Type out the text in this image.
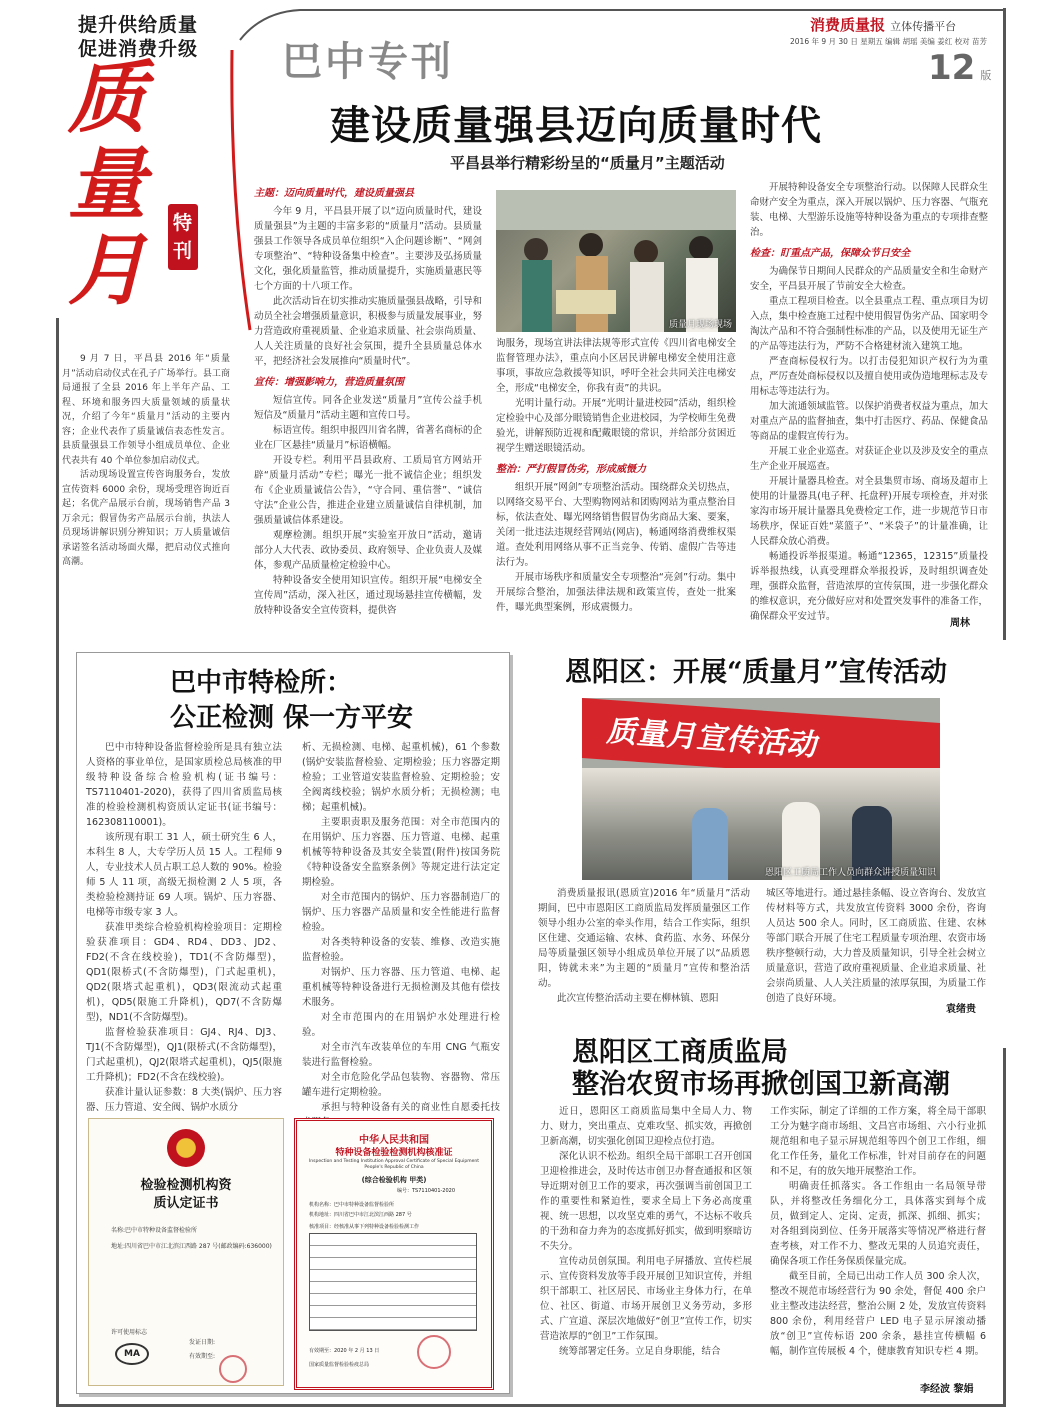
提升供给质量
促进消费升级
质量月
特刊
消费质量报 立体传播平台
2016 年 9 月 30 日 星期五 编辑 胡瑶 美编 姜红 校对 苗芳
12 版
巴中专刊
建设质量强县迈向质量时代
平昌县举行精彩纷呈的“质量月”主题活动

9 月 7 日，平昌县 2016 年“质量月”活动启动仪式在孔子广场举行。县工商局通报了全县 2016 年上半年产品、工程、环境和服务四大质量领域的质量状况，介绍了今年“质量月”活动的主要内容；企业代表作了质量诚信表态性发言。县质量强县工作领导小组成员单位、企业代表共有 40 个单位参加启动仪式。

活动现场设置宣传咨询服务台，发放宣传资料 6000 余份，现场受理咨询近百起；名优产品展示台前，现场销售产品 3 万余元；假冒伪劣产品展示台前，执法人员现场讲解识别分辨知识；万人质量诚信承诺签名活动场面火爆，把启动仪式推向高潮。

主题：迈向质量时代，建设质量强县

今年 9 月，平昌县开展了以“迈向质量时代，建设质量强县”为主题的丰富多彩的“质量月”活动。县质量强县工作领导各成员单位组织“入企问题诊断”、“网剑专项整治”、“特种设备集中检查”。主要涉及弘扬质量文化，强化质量监管，推动质量提升，实施质量惠民等七个方面的十八项工作。

此次活动旨在切实推动实施质量强县战略，引导和动员全社会增强质量意识，积极参与质量发展事业，努力营造政府重视质量、企业追求质量、社会崇尚质量、人人关注质量的良好社会氛围，提升全县质量总体水平，把经济社会发展推向“质量时代”。

宣传：增强影响力，营造质量氛围

短信宣传。同各企业发送“质量月”宣传公益手机短信及“质量月”活动主题和宣传口号。

标语宣传。组织申报四川省名牌，省著名商标的企业在厂区悬挂“质量月”标语横幅。

开设专栏。利用平昌县政府、工质局官方网站开辟“质量月活动”专栏；曝光一批不诚信企业；组织发布《企业质量诚信公告》，“守合同、重信誉”、“诚信守法”企业公告，推进企业建立质量诚信自律机制，加强质量诚信体系建设。

观摩检测。组织开展“实验室开放日”活动，邀请部分人大代表、政协委员、政府领导、企业负责人及媒体，参观产品质量检定检验中心。

特种设备安全使用知识宣传。组织开展“电梯安全宣传周”活动，深入社区，通过现场悬挂宣传横幅，发放特种设备安全宣传资料，提供咨

质量月现场现场

询服务，现场宣讲法律法规等形式宣传《四川省电梯安全监督管理办法》，重点向小区居民讲解电梯安全使用注意事项，事故应急救援等知识，呼吁全社会共同关注电梯安全，形成“电梯安全，你我有责”的共识。

光明计量行动。开展“光明计量进校园”活动，组织检定检验中心及部分眼镜销售企业进校园，为学校师生免费验光，讲解预防近视和配戴眼镜的常识，并给部分贫困近视学生赠送眼镜活动。

整治：严打假冒伪劣，形成威慑力

组织开展“网剑”专项整治活动。围绕群众关切热点，以网络交易平台、大型购物网站和团购网站为重点整治目标，依法查处、曝光网络销售假冒伪劣商品大案、要案，关闭一批违法违规经营网站(网店)，畅通网络消费维权渠道。查处利用网络从事不正当竞争、传销、虚假广告等违法行为。

开展市场秩序和质量安全专项整治“亮剑”行动。集中开展综合整治，加强法律法规和政策宣传，查处一批案件，曝光典型案例，形成震慑力。

开展特种设备安全专项整治行动。以保障人民群众生命财产安全为重点，深入开展以锅炉、压力容器、气瓶充装、电梯、大型游乐设施等特种设备为重点的专项排查整治。

检查：盯重点产品，保障众节日安全

为确保节日期间人民群众的产品质量安全和生命财产安全，平昌县开展了节前安全大检查。

重点工程项目检查。以全县重点工程、重点项目为切入点，集中检查施工过程中使用假冒伪劣产品、国家明令淘汰产品和不符合强制性标准的产品，以及使用无证生产的产品等违法行为，严防不合格建材流入建筑工地。

严查商标侵权行为。以打击侵犯知识产权行为为重点，严厉查处商标侵权以及擅自使用或伪造地理标志及专用标志等违法行为。

加大流通领域监管。以保护消费者权益为重点，加大对重点产品的监督抽查，集中打击医疗、药品、保健食品等商品的虚假宣传行为。

开展工业企业巡查。对获证企业以及涉及安全的重点生产企业开展巡查。

开展计量器具检查。对全县集贸市场、商场及超市上使用的计量器具(电子秤、托盘秤)开展专项检查，并对张家沟市场开展计量器具免费检定工作，进一步规范节日市场秩序，保证百姓“菜篮子”、“米袋子”的计量准确，让人民群众放心消费。

畅通投诉举报渠道。畅通“12365，12315”质量投诉举报热线，认真受理群众举报投诉，及时组织调查处理，强群众监督，营造浓厚的宣传氛围，进一步强化群众的维权意识，充分做好应对和处置突发事件的准备工作，确保群众平安过节。

周林
巴中市特检所：
公正检测 保一方平安

巴中市特种设备监督检验所是具有独立法人资格的事业单位，是国家质检总局核准的甲级特种设备综合检验机构(证书编号：TS7110401-2020)，获得了四川省质监局核准的检验检测机构资质认定证书(证书编号：162308110001)。

该所现有职工 31 人，硕士研究生 6 人，本科生 8 人，大专学历人员 15 人。工程师 9 人，专业技术人员占职工总人数的 90%。检验师 5 人 11 项，高级无损检测 2 人 5 项，各类检验检测持证 69 人项。锅炉、压力容器、电梯等市级专家 3 人。

获准甲类综合检验机构检验项目：定期检验获准项目：GD4、RD4、DD3、JD2、FD2(不含在线校验)，TD1(不含防爆型)，QD1(限桥式(不含防爆型)，门式起重机)，QD2(限塔式起重机)，QD3(限流动式起重机)，QD5(限施工升降机)，QD7(不含防爆型)，ND1(不含防爆型)。

监督检验获准项目：GJ4、RJ4、DJ3、TJ1(不含防爆型)，QJ1(限桥式(不含防爆型)，门式起重机)，QJ2(限塔式起重机)，QJ5(限施工升降机)；FD2(不含在线校验)。

获准计量认证参数：8 大类(锅炉、压力容器、压力管道、安全阀、锅炉水质分

析、无损检测、电梯、起重机械)，61 个参数(锅炉安装监督检验、定期检验；压力容器定期检验；工业管道安装监督检验、定期检验；安全阀离线校验；锅炉水质分析；无损检测；电梯；起重机械)。

主要职责职及服务范围：对全市范围内的在用锅炉、压力容器、压力管道、电梯、起重机械等特种设备及其安全装置(附件)按国务院《特种设备安全监察条例》等规定进行法定定期检验。

对全市范围内的锅炉、压力容器制造厂的锅炉、压力容器产品质量和安全性能进行监督检验。

对各类特种设备的安装、维修、改造实施监督检验。

对锅炉、压力容器、压力管道、电梯、起重机械等特种设备进行无损检测及其他有偿技术服务。

对全市范围内的在用锅炉水处理进行检验。

对全市汽车改装单位的车用 CNG 气瓶安装进行监督检验。

对全市危险化学品包装物、容器物、常压罐车进行定期检验。

承担与特种设备有关的商业性自愿委托技

检验检测机构资质认定证书
名称:巴中市特种设备监督检验所
地址:四川省巴中市江北滨江西路 287 号(邮政编码:636000)
许可使用标志
MA
发证日期:
有效期至:
中华人民共和国
特种设备检验检测机构核准证
Inspection and Testing Institution Approval Certificate of Special Equipment People's Republic of China
(综合检验机构 甲类)
编号：TS7110401-2020
机构名称：巴中市特种设备监督检验所
机构地址：四川省巴中市江北滨江西路 287 号
核准项目：经核准从事下列特种设备检验检测工作
有效期至：2020 年 2 月 13 日
国家质量监督检验检疫总局
恩阳区：开展“质量月”宣传活动
质量月宣传活动
恩阳区工质局工作人员向群众讲授质量知识

消费质量报讯(恩质宣)2016 年“质量月”活动期间，巴中市恩阳区工商质监局发挥质量强区工作领导小组办公室的牵头作用，结合工作实际，组织区住建、交通运输、农林、食药监、水务、环保分局等质量强区领导小组成员单位开展了以“品质恩阳，铸就未来”为主题的“质量月”宣传和整治活动。

此次宣传整治活动主要在柳林镇、恩阳

城区等地进行。通过悬挂条幅、设立咨询台、发放宣传材料等方式，共发放宣传资料 3000 余份，咨询人员达 500 余人。同时，区工商质监、住建、农林等部门联合开展了住宅工程质量专项治理、农资市场秩序整顿行动，大力普及质量知识，引导全社会树立质量意识，营造了政府重视质量、企业追求质量、社会崇尚质量、人人关注质量的浓厚氛围，为质量工作创造了良好环境。

袁绪贵
恩阳区工商质监局
整治农贸市场再掀创国卫新高潮

近日，恩阳区工商质监局集中全局人力、物力、财力，突出重点、克难攻坚、抓实效，再掀创卫新高潮，切实强化创国卫迎检点位打造。

深化认识不松劲。组织全局干部职工召开创国卫迎检推进会，及时传达市创卫办督查通报和区领导近期对创卫工作的要求，再次强调当前创国卫工作的重要性和紧迫性，要求全局上下务必高度重视、统一思想，以攻坚克难的勇气，不达标不收兵的干劲和奋力奔为的态度抓好抓实，做到明察暗访不失分。

宣传动员创氛围。利用电子屏播放、宣传栏展示、宣传资料发放等手段开展创卫知识宣传，并组织干部职工、社区居民、市场业主身体力行，在单位、社区、街道、市场开展创卫义务劳动，多形式、广宣道、深层次地做好“创卫”宣传工作，切实营造浓厚的“创卫”工作氛围。

统筹部署定任务。立足自身职能，结合

工作实际，制定了详细的工作方案，将全局干部职工分为魅字商市场组、文昌宫市场组、六小行业抓规范组和电子显示屏规范组等四个创卫工作组，细化工作任务，量化工作标准，针对目前存在的问题和不足，有的放矢地开展整治工作。

明确责任抓落实。各工作组由一名局领导带队，并将整改任务细化分工，具体落实到每个成员，做到定人、定岗、定责，抓深、抓细、抓实；对各组到岗到位、任务开展落实等情况严格进行督查考核，对工作不力、整改无果的人员追究责任，确保各项工作任务保质保量完成。

截至目前，全局已出动工作人员 300 余人次，整改不规范市场经营行为 90 余处，督促 400 余户业主整改违法经营，整治公厕 2 处，发放宣传资料 800 余份，利用经营户 LED 电子显示屏滚动播放“创卫”宣传标语 200 余条，悬挂宣传横幅 6 幅，制作宣传展板 4 个，健康教育知识专栏 4 期。

李经波 黎娟
